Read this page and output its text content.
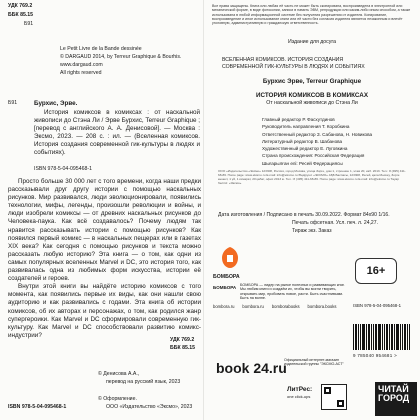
УДК 769.2
ББК 85.15
Б91
Le Petit Livre de la Bande dessinée
© DARGAUD 2014, by Terreur Graphique & Bourhis.
www.dargaud.com
All rights reserved
Все права защищены. Книга или любая её часть не может быть скопирована, воспроизведена в электронной или механической форме, в виде фотокопии, записи в память ЭВМ, репродукции или каким-либо иным способом, а также использована в любой информационной системе без получения разрешения от издателя. Копирование, воспроизведение и иное использование книги или её части без согласия издателя является незаконным и влечёт уголовную, административную и гражданскую ответственность.
Издание для досуга
ВСЕЛЕННАЯ КОМИКСОВ. ИСТОРИЯ СОЗДАНИЯ
СОВРЕМЕННОЙ ГИК-КУЛЬТУРЫ В ЛЮДЯХ И СОБЫТИЯХ
Бурхис Эрве, Terreur Graphique
ИСТОРИЯ КОМИКСОВ В КОМИКСАХ
От наскальной живописи до Стэна Ли
Главный редактор Р. Фасхутдинов
Руководитель направления Т. Коробкина
Ответственный редактор З. Сабанова, Н. Новикова
Литературный редактор В. Шабанова
Художественный редактор Е. Луговкина
Страна происхождения: Российская Федерация
Шығарылған елі: Ресей Федерациясы
ООО «Издательство «Эксмо» 123308, Россия, город Москва, улица Зорге, дом 1, строение 1, этаж 20, каб. 2013. Тел.: 8 (495) 411-68-86. Home page: www.eksmo.ru E-mail: info@eksmo.ru Өндіруші: «ЭКСМО» АҚБ Баспасы, 123308, Ресей, қала Мәскеу, Зорге көшесі, 1 үй, 1 ғимарат, 20 қабат, офис 2013 ж. Тел.: 8 (495) 411-68-86. Home page: www.eksmo.ru E-mail: info@eksmo.ru Тауар белгісі: «Эксмо»
Дата изготовления / Подписано в печать 30.09.2022. Формат 84x90 1/16.
Печать офсетная. Усл. печ. л. 24,27.
Тираж экз. Заказ
Б91	Бурхис, Эрве.
История комиксов в комиксах : от наскальной живописи до Стэна Ли / Эрве Бурхис, Terreur Graphique ; [перевод с английского А. А. Денисовой]. — Москва : Эксмо, 2023. — 208 с. : ил. — (Вселенная комиксов. История создания современной гик-культуры в людях и событиях).
ISBN 978-5-04-095468-1

Просто больше 30 000 лет с того времени, когда наши предки рассказывали друг другу истории с помощью наскальных рисунков. Мир развивался, люди эволюционировали, появились технологии, мифы, легенды, произошли революции и войны, и люди изобрели комиксы — от древних наскальных рисунков до Человека-паука. Как всё создавалось? Почему людям так нравится рассказывать истории с помощью рисунков? Как появился первый комикс — в наскальных пещерах или в газетах XIX века? Как сегодня с помощью рисунков и текста можно рассказать любую историю? Эта книга — о том, как одни из самых популярных вселенных Marvel и DC, это история того, как развивалась одна из любимых форм искусства, истории её создателей и героев.

Внутри этой книги вы найдёте историю комиксов с того момента, как появились первые их виды, как они нашли свою аудиторию и как развивались с годами. Эта книга об истории комиксов, об их авторах и персонажах, о том, как родился жанр супергероики. Как Marvel и DC сформировали современную гик-культуру. Как Marvel и DC способствовали развитию комикс-индустрии?

УДК 769.2
ББК 85.15
ISBN 978-5-04-095468-1
© Денисова А.А.,
перевод на русский язык, 2023
© Оформление.
ООО «Издательство «Эксмо», 2023
БОМБОРА
БОМБОРА БОМБОРА — лидер на рынке полезных и развивающих книг. Мы любим книги и создаём их, чтобы вы могли творить, открывать мир, пробовать новое, расти. Быть счастливыми. Быть на волне.
bombora.ru bombora.ru bomborabooks bombora.books
16+
ISBN 978-5-04-095468-1
9 785040 954681 >
book 24.ru
Официальный интернет-магазин издательской группы "ЭКСМО-АСТ"
ЛитРес:
one click-ups
ЧИТАЙ ГОРОД
